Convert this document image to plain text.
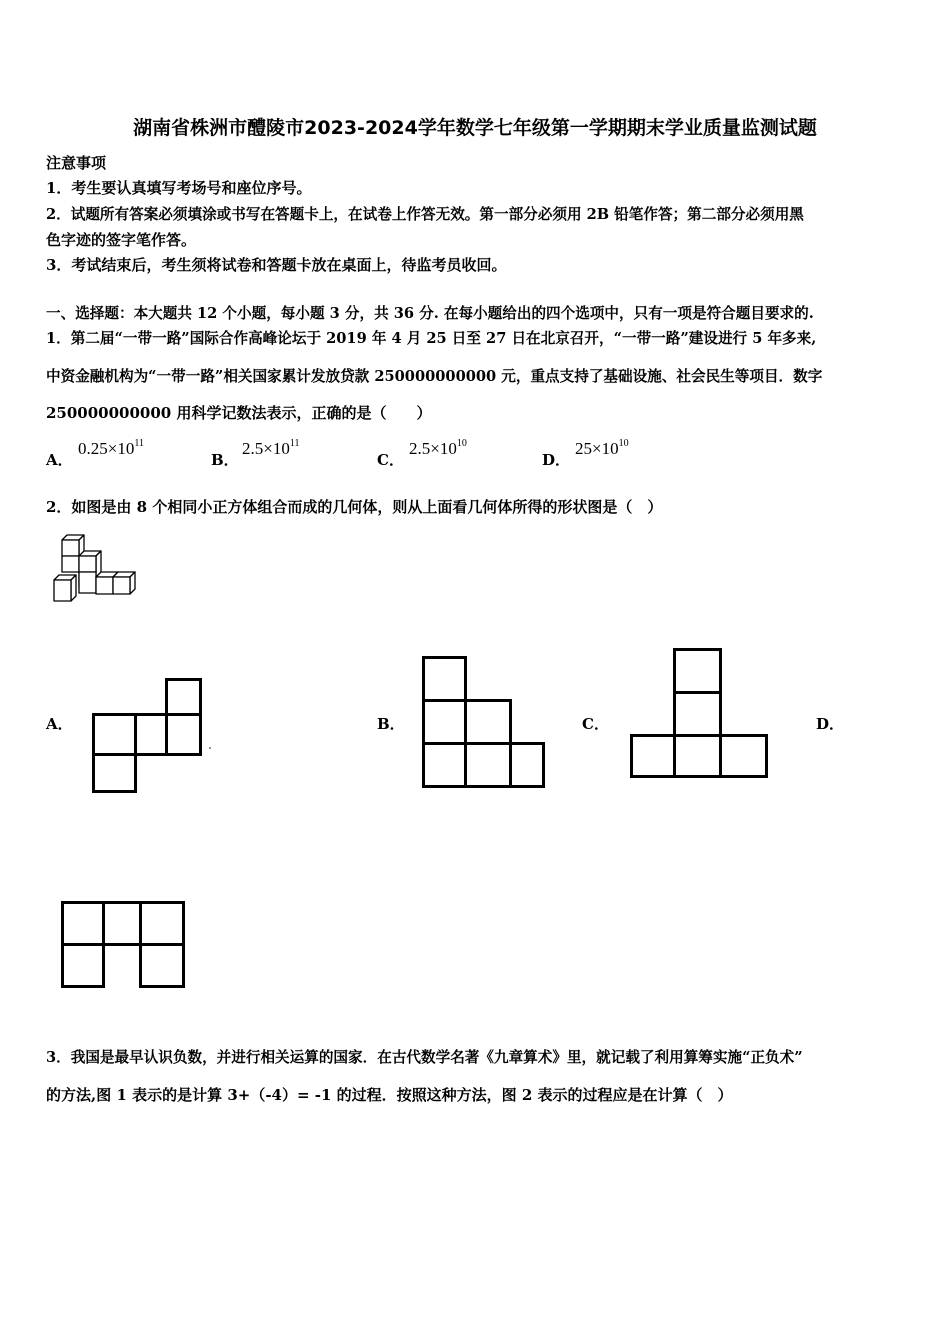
湖南省株洲市醴陵市2023-2024学年数学七年级第一学期期末学业质量监测试题
注意事项
1．考生要认真填写考场号和座位序号。
2．试题所有答案必须填涂或书写在答题卡上，在试卷上作答无效。第一部分必须用 2B 铅笔作答；第二部分必须用黑
色字迹的签字笔作答。
3．考试结束后，考生须将试卷和答题卡放在桌面上，待监考员收回。
一、选择题：本大题共 12 个小题，每小题 3 分，共 36 分. 在每小题给出的四个选项中，只有一项是符合题目要求的.
1．第二届“一带一路”国际合作高峰论坛于 2019 年 4 月 25 日至 27 日在北京召开，“一带一路”建设进行 5 年多来,
中资金融机构为“一带一路”相关国家累计发放贷款 250000000000 元，重点支持了基础设施、社会民生等项目．数字
250000000000 用科学记数法表示，正确的是（　　）
A．
$0.25\times 10^{11}$
B．
$2.5\times 10^{11}$
C．
$2.5\times 10^{10}$
D．
$25\times 10^{10}$
2．如图是由 8 个相同小正方体组合而成的几何体，则从上面看几何体所得的形状图是（　）
A．	B．	C．	D．
3．我国是最早认识负数，并进行相关运算的国家．在古代数学名著《九章算术》里，就记载了利用算筹实施“正负术”
的方法,图 1 表示的是计算 3+（-4）= -1 的过程．按照这种方法，图 2 表示的过程应是在计算（　）
